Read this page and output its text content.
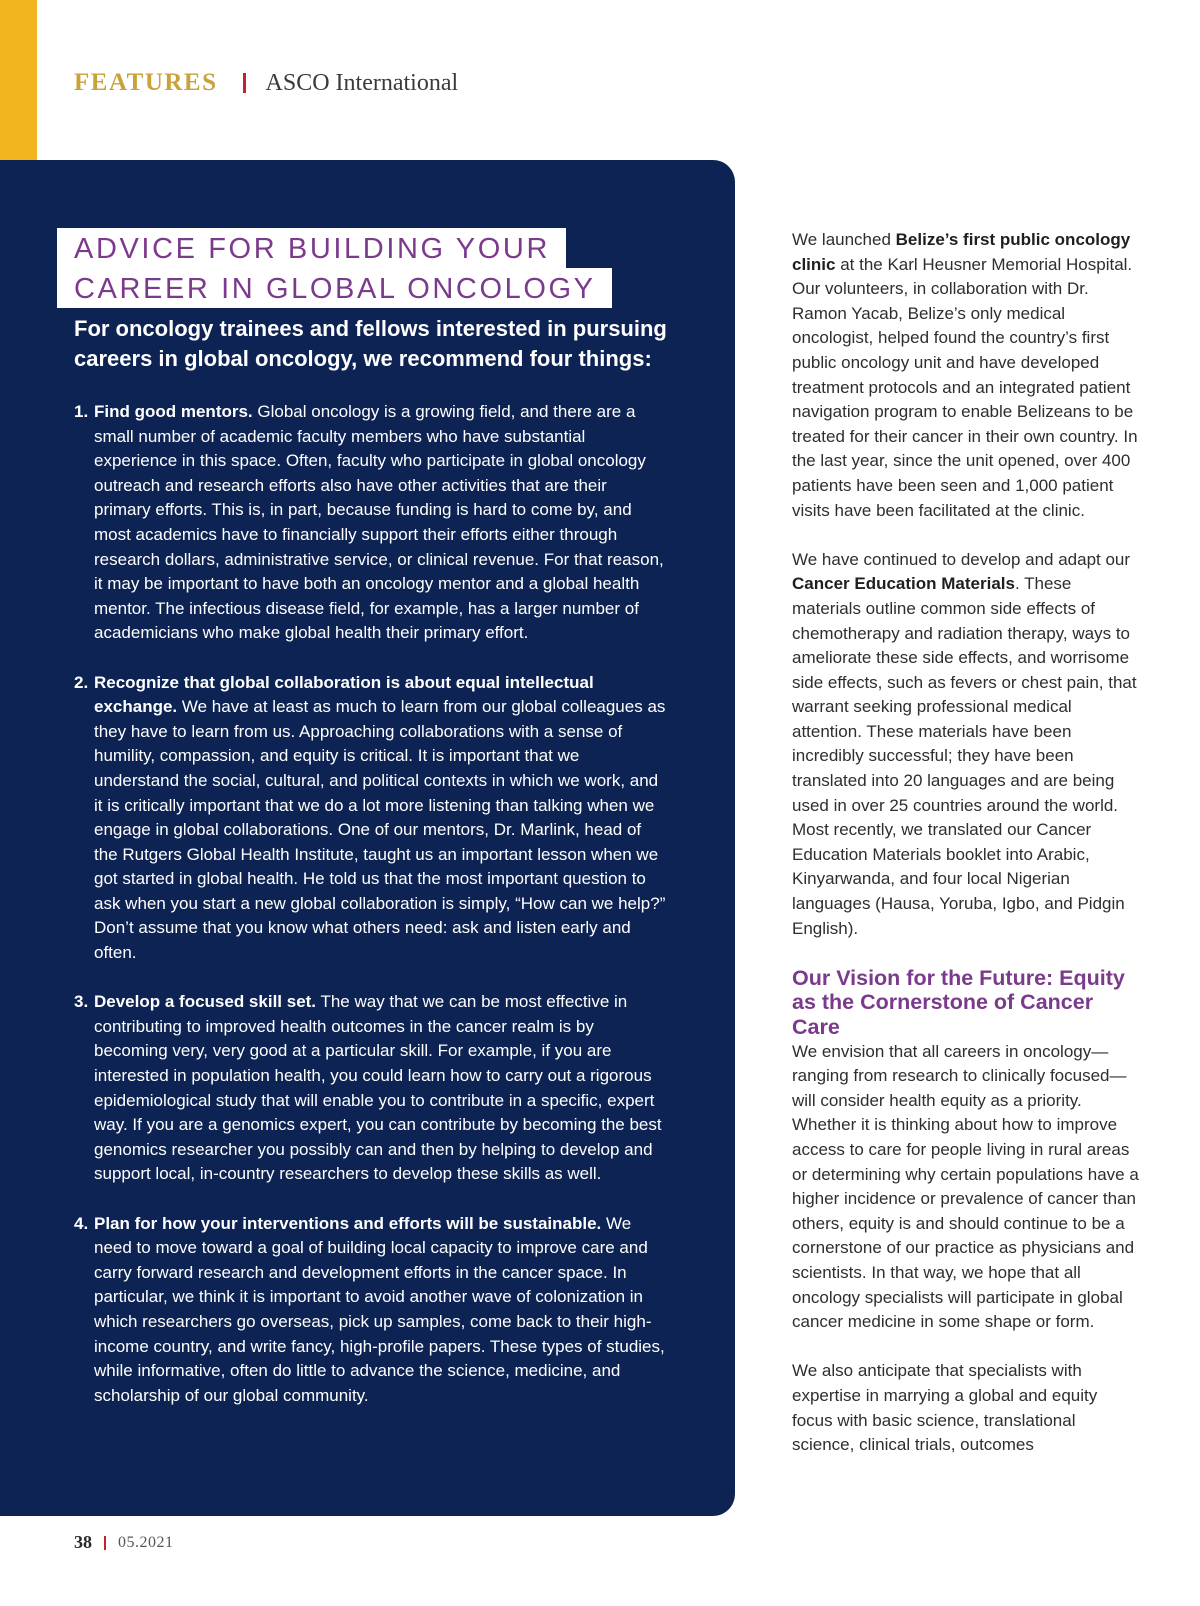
FEATURES ASCO International
ADVICE FOR BUILDING YOUR
CAREER IN GLOBAL ONCOLOGY
For oncology trainees and fellows interested in pursuing careers in global oncology, we recommend four things:
1. Find good mentors. Global oncology is a growing field, and there are a small number of academic faculty members who have substantial experience in this space. Often, faculty who participate in global oncology outreach and research efforts also have other activities that are their primary efforts. This is, in part, because funding is hard to come by, and most academics have to financially support their efforts either through research dollars, administrative service, or clinical revenue. For that reason, it may be important to have both an oncology mentor and a global health mentor. The infectious disease field, for example, has a larger number of academicians who make global health their primary effort.
2. Recognize that global collaboration is about equal intellectual exchange. We have at least as much to learn from our global colleagues as they have to learn from us. Approaching collaborations with a sense of humility, compassion, and equity is critical. It is important that we understand the social, cultural, and political contexts in which we work, and it is critically important that we do a lot more listening than talking when we engage in global collaborations. One of our mentors, Dr. Marlink, head of the Rutgers Global Health Institute, taught us an important lesson when we got started in global health. He told us that the most important question to ask when you start a new global collaboration is simply, “How can we help?” Don’t assume that you know what others need: ask and listen early and often.
3. Develop a focused skill set. The way that we can be most effective in contributing to improved health outcomes in the cancer realm is by becoming very, very good at a particular skill. For example, if you are interested in population health, you could learn how to carry out a rigorous epidemiological study that will enable you to contribute in a specific, expert way. If you are a genomics expert, you can contribute by becoming the best genomics researcher you possibly can and then by helping to develop and support local, in-country researchers to develop these skills as well.
4. Plan for how your interventions and efforts will be sustainable. We need to move toward a goal of building local capacity to improve care and carry forward research and development efforts in the cancer space. In particular, we think it is important to avoid another wave of colonization in which researchers go overseas, pick up samples, come back to their high-income country, and write fancy, high-profile papers. These types of studies, while informative, often do little to advance the science, medicine, and scholarship of our global community.

We launched Belize’s first public oncology clinic at the Karl Heusner Memorial Hospital. Our volunteers, in collaboration with Dr. Ramon Yacab, Belize’s only medical oncologist, helped found the country’s first public oncology unit and have developed treatment protocols and an integrated patient navigation program to enable Belizeans to be treated for their cancer in their own country. In the last year, since the unit opened, over 400 patients have been seen and 1,000 patient visits have been facilitated at the clinic.

We have continued to develop and adapt our Cancer Education Materials. These materials outline common side effects of chemotherapy and radiation therapy, ways to ameliorate these side effects, and worrisome side effects, such as fevers or chest pain, that warrant seeking professional medical attention. These materials have been incredibly successful; they have been translated into 20 languages and are being used in over 25 countries around the world. Most recently, we translated our Cancer Education Materials booklet into Arabic, Kinyarwanda, and four local Nigerian languages (Hausa, Yoruba, Igbo, and Pidgin English).

Our Vision for the Future: Equity as the Cornerstone of Cancer Care

We envision that all careers in oncology—ranging from research to clinically focused—will consider health equity as a priority. Whether it is thinking about how to improve access to care for people living in rural areas or determining why certain populations have a higher incidence or prevalence of cancer than others, equity is and should continue to be a cornerstone of our practice as physicians and scientists. In that way, we hope that all oncology specialists will participate in global cancer medicine in some shape or form.

We also anticipate that specialists with expertise in marrying a global and equity focus with basic science, translational science, clinical trials, outcomes

38 05.2021
